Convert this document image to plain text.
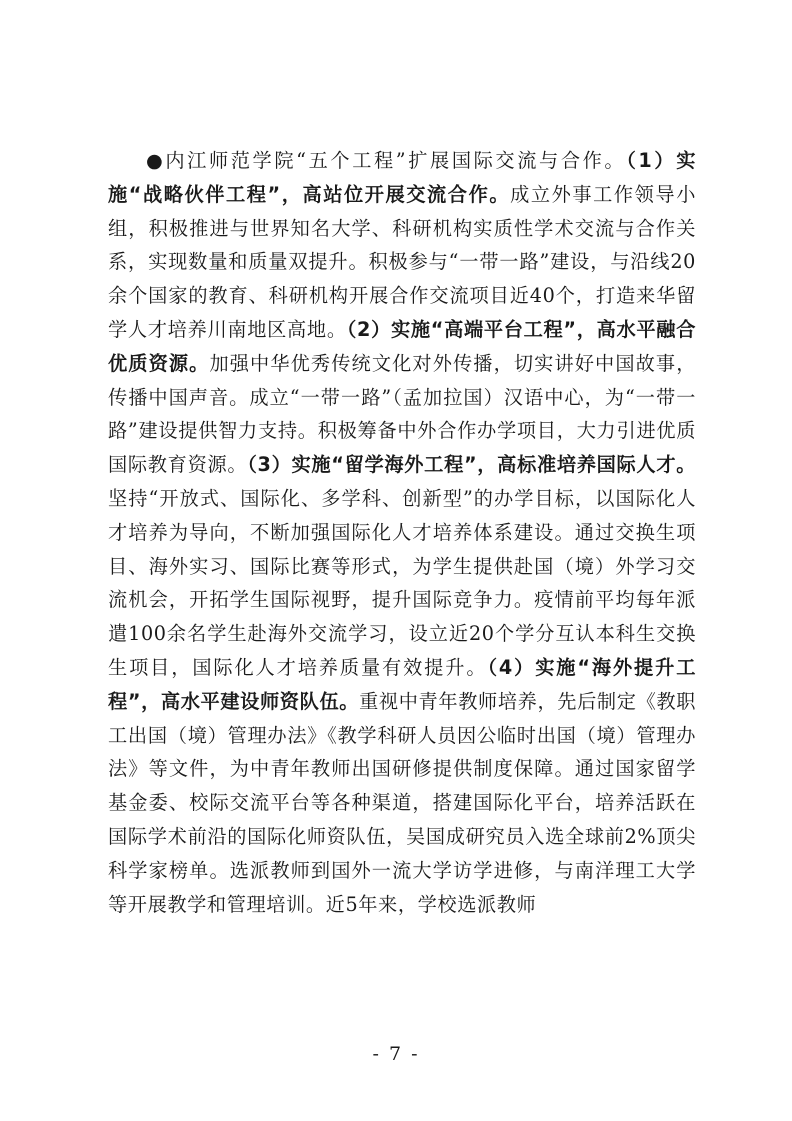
●内江师范学院“五个工程”扩展国际交流与合作。（1）实施“战略伙伴工程”，高站位开展交流合作。成立外事工作领导小组，积极推进与世界知名大学、科研机构实质性学术交流与合作关系，实现数量和质量双提升。积极参与“一带一路”建设，与沿线20余个国家的教育、科研机构开展合作交流项目近40个，打造来华留学人才培养川南地区高地。（2）实施“高端平台工程”，高水平融合优质资源。加强中华优秀传统文化对外传播，切实讲好中国故事，传播中国声音。成立“一带一路”（孟加拉国）汉语中心，为“一带一路”建设提供智力支持。积极筹备中外合作办学项目，大力引进优质国际教育资源。（3）实施“留学海外工程”，高标准培养国际人才。坚持“开放式、国际化、多学科、创新型”的办学目标，以国际化人才培养为导向，不断加强国际化人才培养体系建设。通过交换生项目、海外实习、国际比赛等形式，为学生提供赴国（境）外学习交流机会，开拓学生国际视野，提升国际竞争力。疫情前平均每年派遣100余名学生赴海外交流学习，设立近20个学分互认本科生交换生项目，国际化人才培养质量有效提升。（4）实施“海外提升工程”，高水平建设师资队伍。重视中青年教师培养，先后制定《教职工出国（境）管理办法》《教学科研人员因公临时出国（境）管理办法》等文件，为中青年教师出国研修提供制度保障。通过国家留学基金委、校际交流平台等各种渠道，搭建国际化平台，培养活跃在国际学术前沿的国际化师资队伍，吴国成研究员入选全球前2%顶尖科学家榜单。选派教师到国外一流大学访学进修，与南洋理工大学等开展教学和管理培训。近5年来，学校选派教师

- 7 -
